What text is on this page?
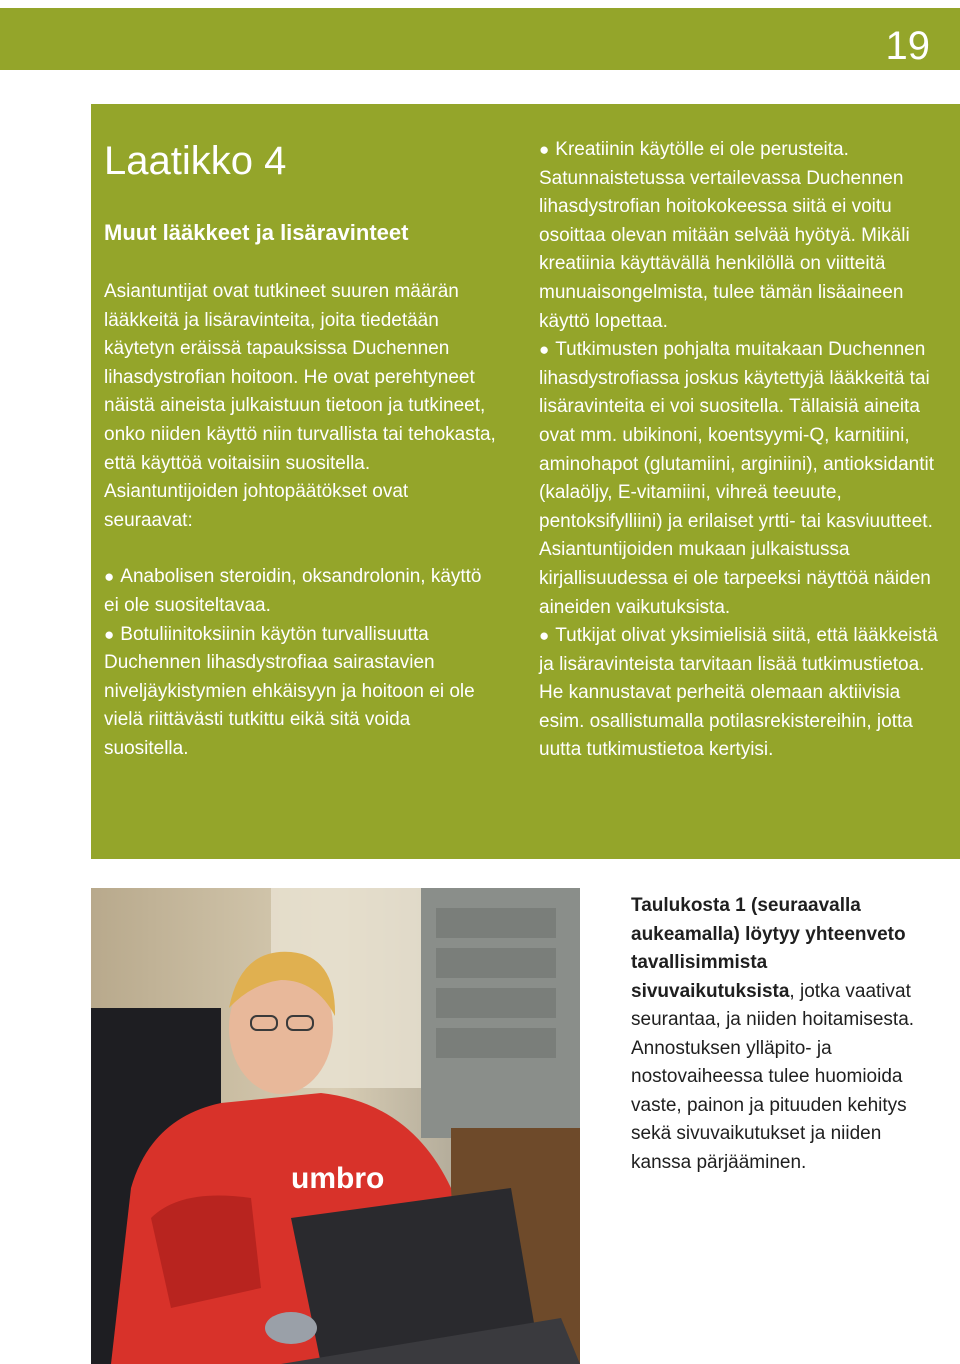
19
Laatikko 4
Muut lääkkeet ja lisäravinteet

Asiantuntijat ovat tutkineet suuren määrän lääkkeitä ja lisäravinteita, joita tiedetään käytetyn eräissä tapauksissa Duchennen lihasdystrofian hoitoon. He ovat perehtyneet näistä aineista julkaistuun tietoon ja tutkineet, onko niiden käyttö niin turvallista tai tehokasta, että käyttöä voitaisiin suositella.

Asiantuntijoiden johtopäätökset ovat seuraavat:

● Anabolisen steroidin, oksandrolonin, käyttö ei ole suositeltavaa.

● Botuliinitoksiinin käytön turvallisuutta Duchennen lihasdystrofiaa sairastavien niveljäykistymien ehkäisyyn ja hoitoon ei ole vielä riittävästi tutkittu eikä sitä voida suositella.

● Kreatiinin käytölle ei ole perusteita. Satunnaistetussa vertailevassa Duchennen lihasdystrofian hoitokokeessa siitä ei voitu osoittaa olevan mitään selvää hyötyä. Mikäli kreatiinia käyttävällä henkilöllä on viitteitä munuaisongelmista, tulee tämän lisäaineen käyttö lopettaa.

● Tutkimusten pohjalta muitakaan Duchennen lihasdystrofiassa joskus käytettyjä lääkkeitä tai lisäravinteita ei voi suositella. Tällaisiä aineita ovat mm. ubikinoni, koentsyymi-Q, karnitiini, aminohapot (glutamiini, arginiini), antioksidantit (kalaöljy, E-vitamiini, vihreä teeuute, pentoksifylliini) ja erilaiset yrtti- tai kasviuutteet. Asiantuntijoiden mukaan julkaistussa kirjallisuudessa ei ole tarpeeksi näyttöä näiden aineiden vaikutuksista.

● Tutkijat olivat yksimielisiä siitä, että lääkkeistä ja lisäravinteista tarvitaan lisää tutkimustietoa. He kannustavat perheitä olemaan aktiivisia esim. osallistumalla potilasrekistereihin, jotta uutta tutkimustietoa kertyisi.

umbro
Taulukosta 1 (seuraavalla aukeamalla) löytyy yhteenveto tavallisimmista sivuvaikutuksista, jotka vaativat seurantaa, ja niiden hoitamisesta. Annostuksen ylläpito- ja nostovaiheessa tulee huomioida vaste, painon ja pituuden kehitys sekä sivuvaikutukset ja niiden kanssa pärjääminen.
